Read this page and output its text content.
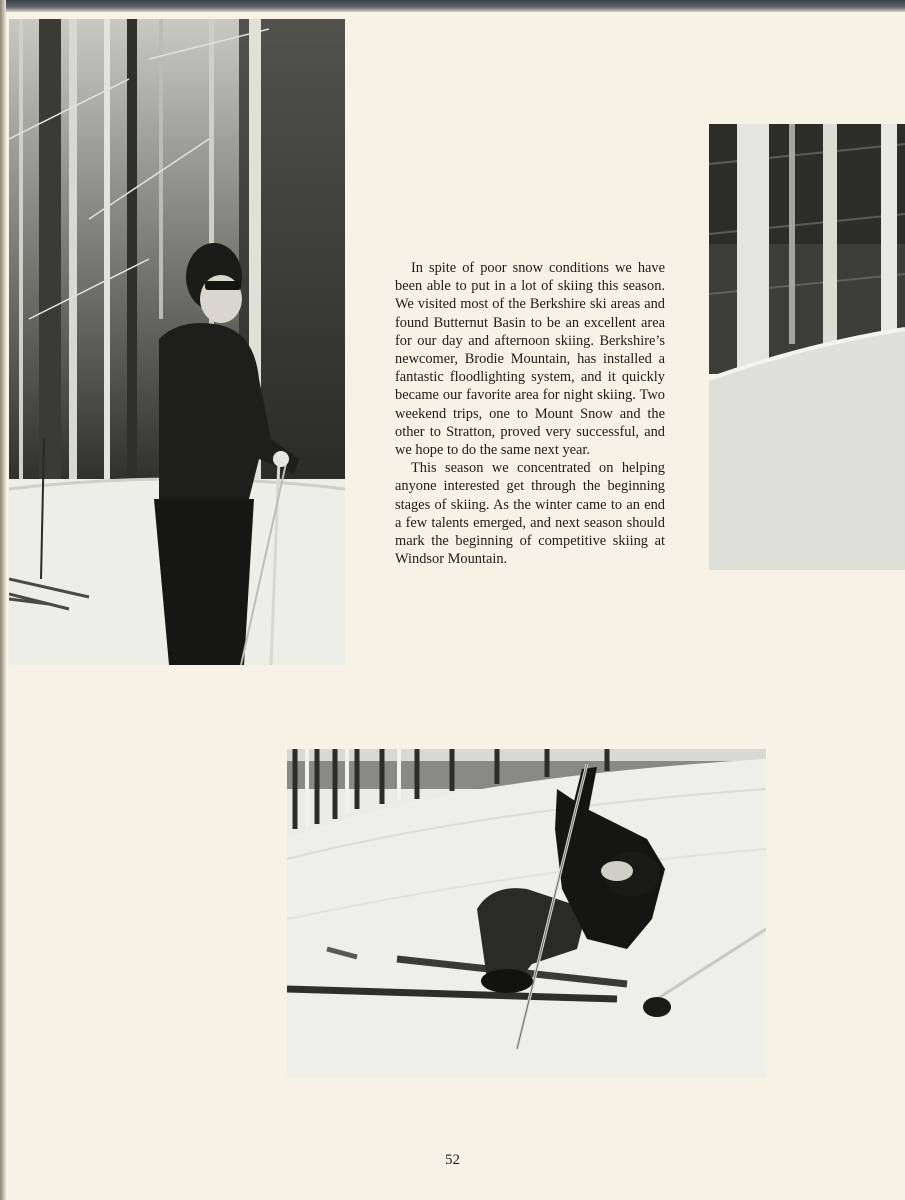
In spite of poor snow conditions we have been able to put in a lot of skiing this season. We visited most of the Berkshire ski areas and found Butternut Basin to be an excellent area for our day and afternoon skiing. Berkshire’s newcomer, Brodie Mountain, has installed a fantastic floodlighting system, and it quickly became our favorite area for night skiing. Two weekend trips, one to Mount Snow and the other to Stratton, proved very successful, and we hope to do the same next year.

This season we concentrated on helping anyone interested get through the beginning stages of skiing. As the winter came to an end a few talents emerged, and next season should mark the beginning of competitive skiing at Windsor Mountain.

52
